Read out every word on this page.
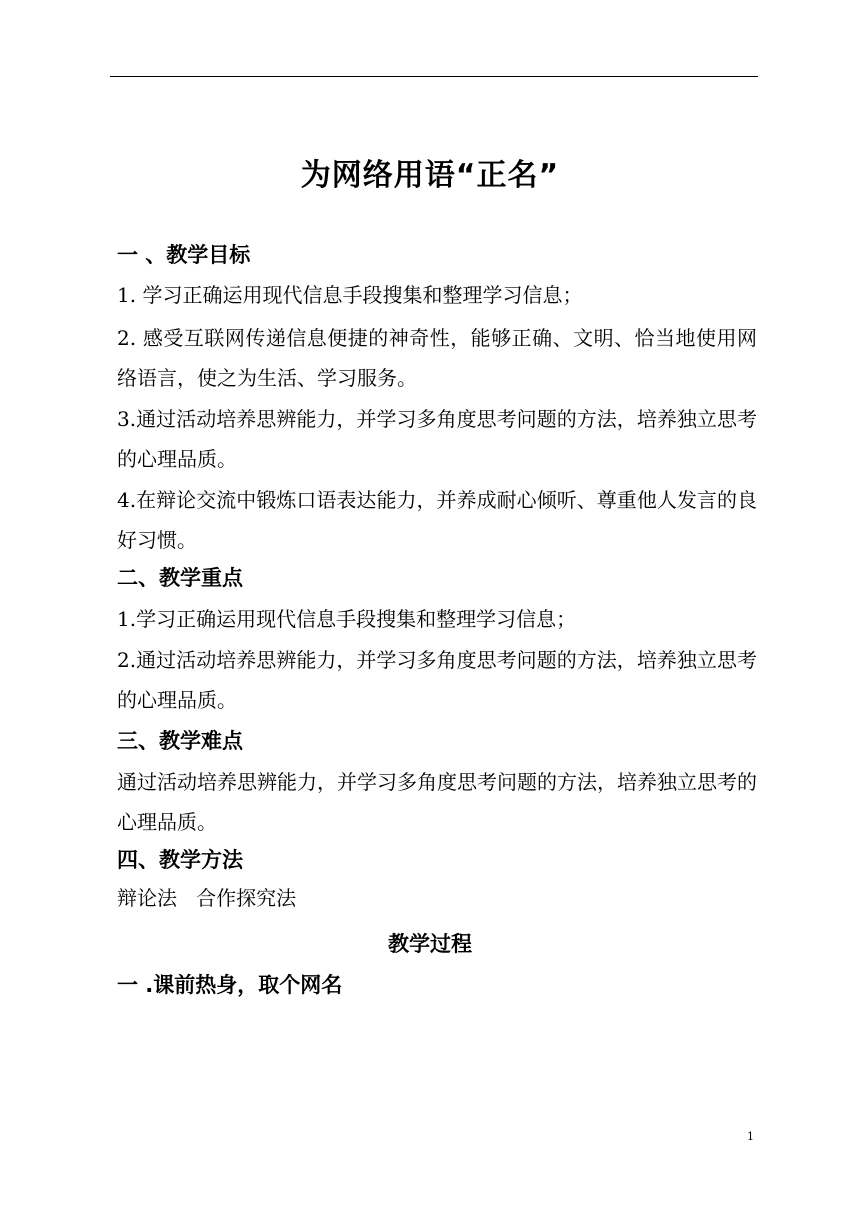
为网络用语“正名”
一 、教学目标
1. 学习正确运用现代信息手段搜集和整理学习信息；
2. 感受互联网传递信息便捷的神奇性，能够正确、文明、恰当地使用网络语言，使之为生活、学习服务。
3.通过活动培养思辨能力，并学习多角度思考问题的方法，培养独立思考的心理品质。
4.在辩论交流中锻炼口语表达能力，并养成耐心倾听、尊重他人发言的良好习惯。
二、教学重点
1.学习正确运用现代信息手段搜集和整理学习信息；
2.通过活动培养思辨能力，并学习多角度思考问题的方法，培养独立思考的心理品质。
三、教学难点
通过活动培养思辨能力，并学习多角度思考问题的方法，培养独立思考的心理品质。
四、教学方法
辩论法   合作探究法
教学过程
一 .课前热身，取个网名
1
